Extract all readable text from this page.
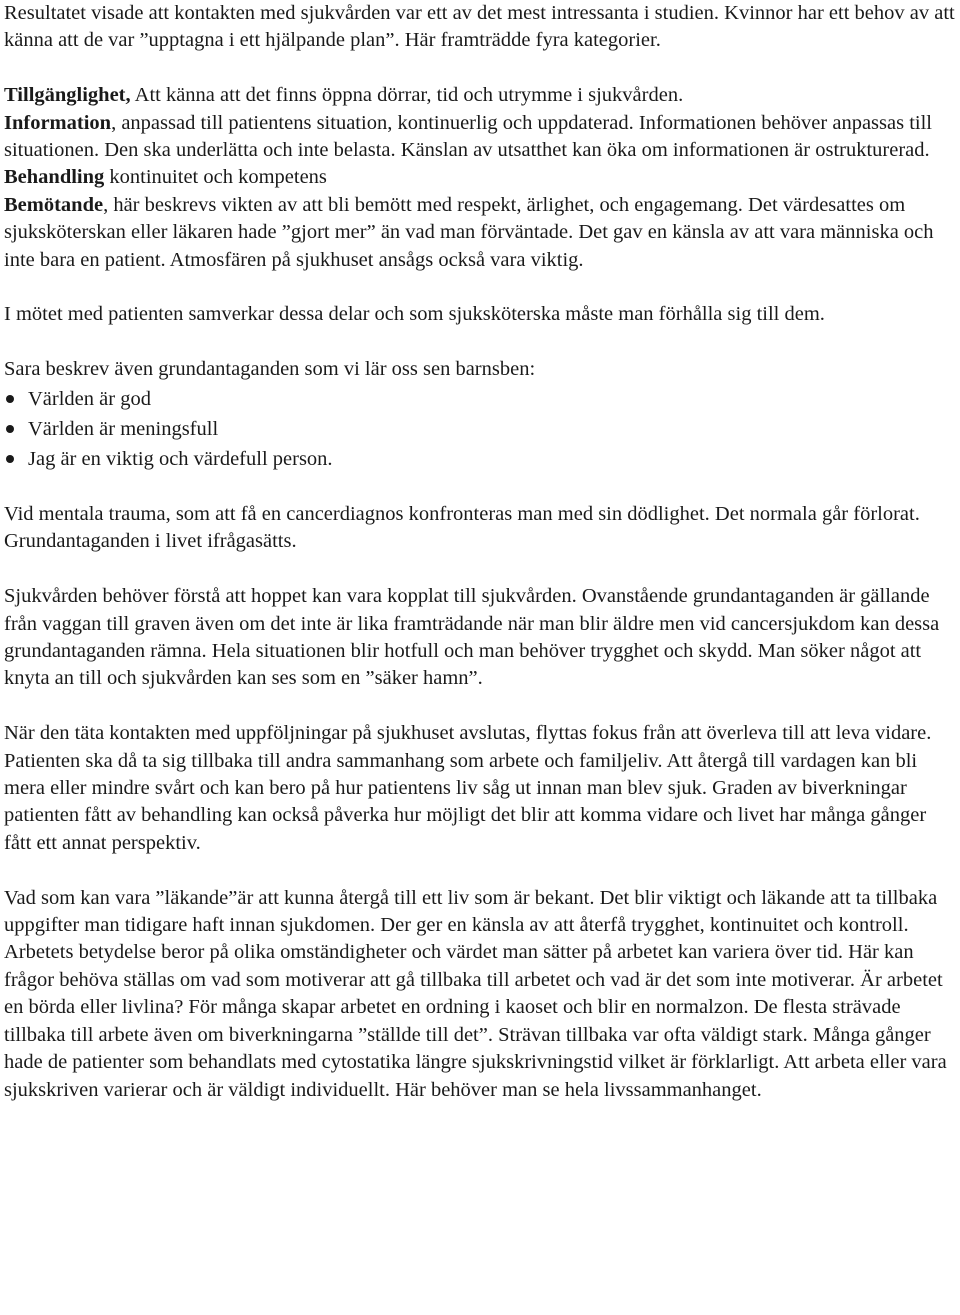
Resultatet visade att kontakten med sjukvården var ett av det mest intressanta i studien. Kvinnor har ett behov av att känna att de var ”upptagna i ett hjälpande plan”. Här framträdde fyra kategorier.

Tillgänglighet, Att känna att det finns öppna dörrar, tid och utrymme i sjukvården.

Information, anpassad till patientens situation, kontinuerlig och uppdaterad. Informationen behöver anpassas till situationen. Den ska underlätta och inte belasta. Känslan av utsatthet kan öka om informationen är ostrukturerad.

Behandling kontinuitet och kompetens

Bemötande, här beskrevs vikten av att bli bemött med respekt, ärlighet, och engagemang. Det värdesattes om sjuksköterskan eller läkaren hade ”gjort mer” än vad man förväntade. Det gav en känsla av att vara människa och inte bara en patient. Atmosfären på sjukhuset ansågs också vara viktig.

I mötet med patienten samverkar dessa delar och som sjuksköterska måste man förhålla sig till dem.

Sara beskrev även grundantaganden som vi lär oss sen barnsben:

Världen är god
Världen är meningsfull
Jag är en viktig och värdefull person.

Vid mentala trauma, som att få en cancerdiagnos konfronteras man med sin dödlighet. Det normala går förlorat. Grundantaganden i livet ifrågasätts.

Sjukvården behöver förstå att hoppet kan vara kopplat till sjukvården. Ovanstående grundantaganden är gällande från vaggan till graven även om det inte är lika framträdande när man blir äldre men vid cancersjukdom kan dessa grundantaganden rämna. Hela situationen blir hotfull och man behöver trygghet och skydd. Man söker något att knyta an till och sjukvården kan ses som en ”säker hamn”.

När den täta kontakten med uppföljningar på sjukhuset avslutas, flyttas fokus från att överleva till att leva vidare. Patienten ska då ta sig tillbaka till andra sammanhang som arbete och familjeliv. Att återgå till vardagen kan bli mera eller mindre svårt och kan bero på hur patientens liv såg ut innan man blev sjuk. Graden av biverkningar patienten fått av behandling kan också påverka hur möjligt det blir att komma vidare och livet har många gånger fått ett annat perspektiv.

Vad som kan vara ”läkande”är att kunna återgå till ett liv som är bekant. Det blir viktigt och läkande att ta tillbaka uppgifter man tidigare haft innan sjukdomen. Der ger en känsla av att återfå trygghet, kontinuitet och kontroll. Arbetets betydelse beror på olika omständigheter och värdet man sätter på arbetet kan variera över tid. Här kan frågor behöva ställas om vad som motiverar att gå tillbaka till arbetet och vad är det som inte motiverar. Är arbetet en börda eller livlina? För många skapar arbetet en ordning i kaoset och blir en normalzon. De flesta strävade tillbaka till arbete även om biverkningarna ”ställde till det”. Strävan tillbaka var ofta väldigt stark. Många gånger hade de patienter som behandlats med cytostatika längre sjukskrivningstid vilket är förklarligt. Att arbeta eller vara sjukskriven varierar och är väldigt individuellt. Här behöver man se hela livssammanhanget.
